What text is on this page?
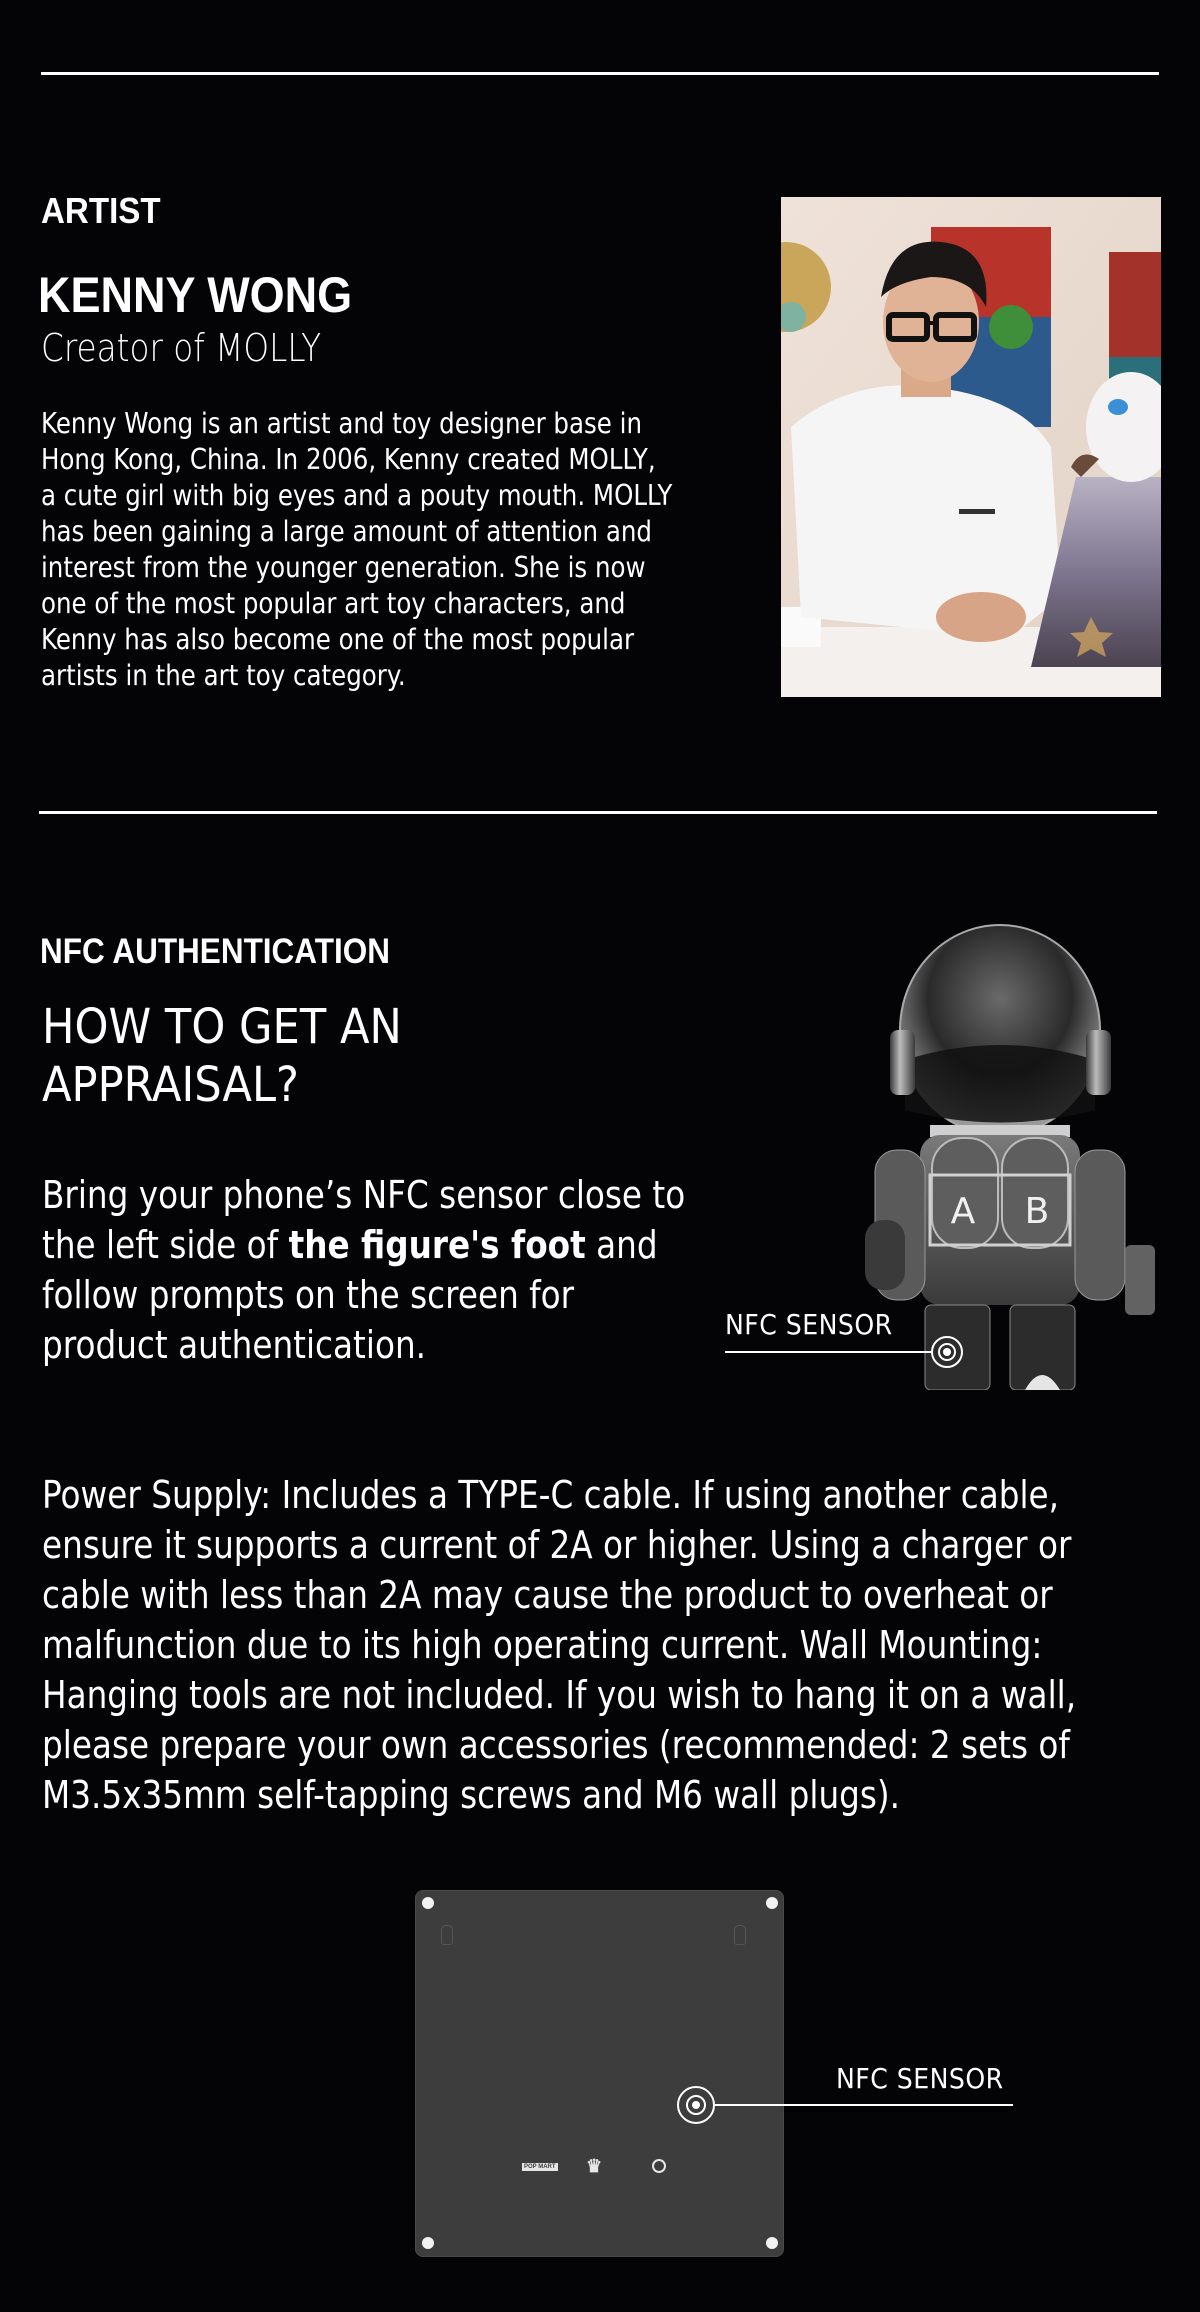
ARTIST
KENNY WONG
Creator of MOLLY
Kenny Wong is an artist and toy designer base in
Hong Kong, China. In 2006, Kenny created MOLLY,
a cute girl with big eyes and a pouty mouth. MOLLY
has been gaining a large amount of attention and
interest from the younger generation. She is now
one of the most popular art toy characters, and
Kenny has also become one of the most popular
artists in the art toy category.
NFC AUTHENTICATION
HOW TO GET AN
APPRAISAL?
Bring your phone’s NFC sensor close to the left side of the figure's foot and follow prompts on the screen for product authentication.
A B
NFC SENSOR
Power Supply: Includes a TYPE-C cable. If using another cable, ensure it supports a current of 2A or higher. Using a charger or cable with less than 2A may cause the product to overheat or malfunction due to its high operating current. Wall Mounting: Hanging tools are not included. If you wish to hang it on a wall, please prepare your own accessories (recommended: 2 sets of M3.5x35mm self-tapping screws and M6 wall plugs).
POP MART ♛
NFC SENSOR
